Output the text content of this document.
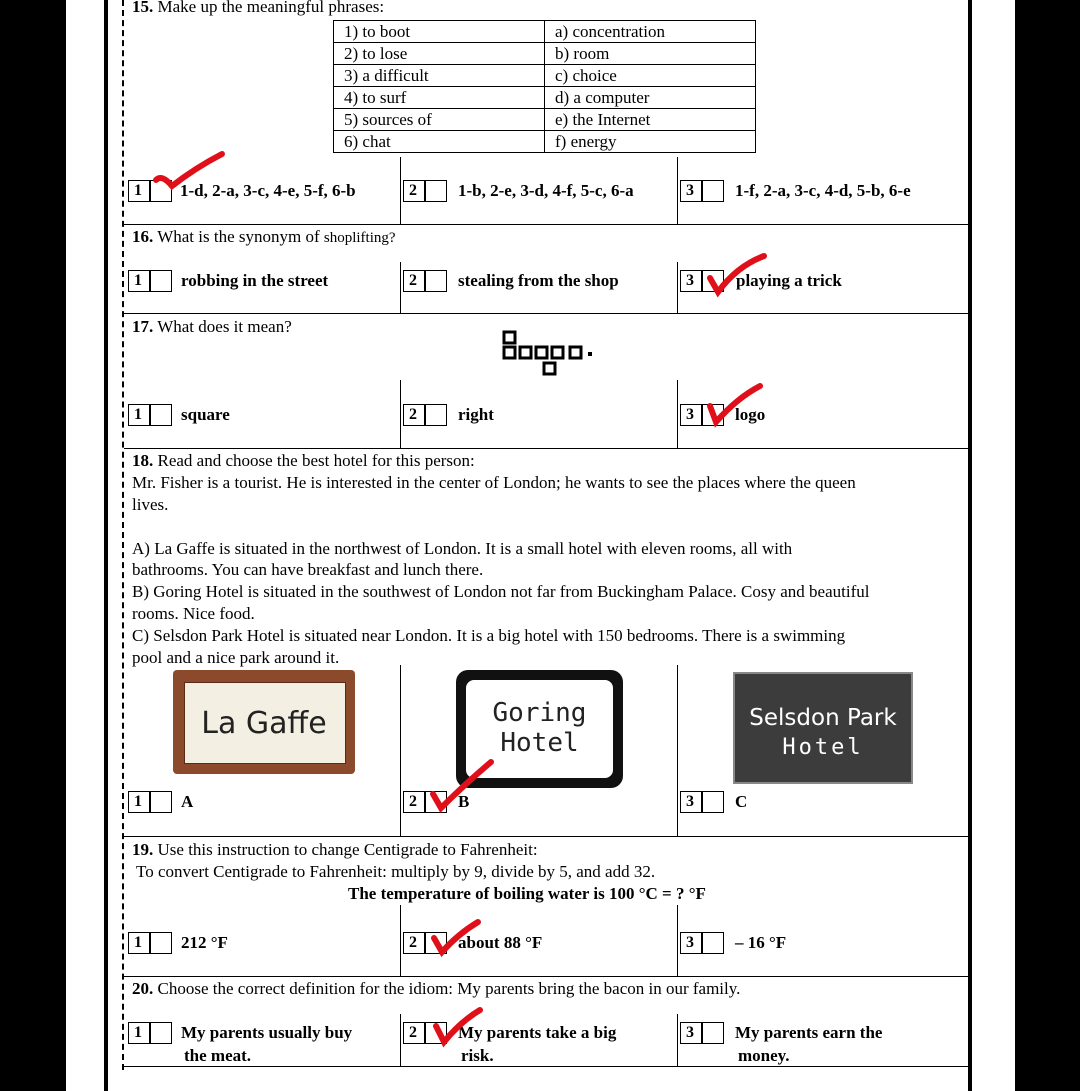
15. Make up the meaningful phrases:
1) to boot	a) concentration
2) to lose	b) room
3) a difficult	c) choice
4) to surf	d) a computer
5) sources of	e) the Internet
6) chat	f) energy
1	1-d, 2-a, 3-c, 4-e, 5-f, 6-b	2	1-b, 2-e, 3-d, 4-f, 5-c, 6-a	3	1-f, 2-a, 3-c, 4-d, 5-b, 6-e
16. What is the synonym of shoplifting?
1	robbing in the street	2	stealing from the shop	3	playing a trick
17. What does it mean?
1	square	2	right	3	logo
18. Read and choose the best hotel for this person:
Mr. Fisher is a tourist. He is interested in the center of London; he wants to see the places where the queen
lives.
A) La Gaffe is situated in the northwest of London. It is a small hotel with eleven rooms, all with
bathrooms. You can have breakfast and lunch there.
B) Goring Hotel is situated in the southwest of London not far from Buckingham Palace. Cosy and beautiful
rooms. Nice food.
C) Selsdon Park Hotel is situated near London. It is a big hotel with 150 bedrooms. There is a swimming
pool and a nice park around it.
La Gaffe	Goring
Hotel
Selsdon Park
Hotel
1	A	2	B	3	C
19. Use this instruction to change Centigrade to Fahrenheit:
To convert Centigrade to Fahrenheit: multiply by 9, divide by 5, and add 32.
The temperature of boiling water is 100 °C = ? °F
1	212 °F	2	about 88 °F	3	– 16 °F
20. Choose the correct definition for the idiom: My parents bring the bacon in our family.
1	My parents usually buy
the meat.
2	My parents take a big
risk.
3	My parents earn the
money.
